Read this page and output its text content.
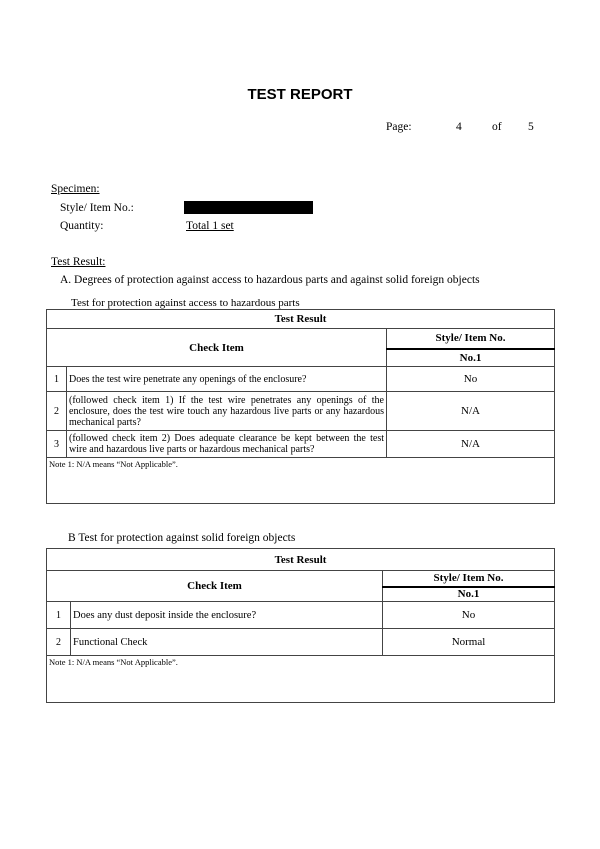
TEST REPORT
Page:	4	of 5
Specimen:
Style/ Item No.:
Quantity:	Total 1 set
Test Result:
A. Degrees of protection against access to hazardous parts and against solid foreign objects
Test for protection against access to hazardous parts
Test Result		
Check Item		Style/ Item No.
		No.1
1	Does the test wire penetrate any openings of the enclosure?	No
2	(followed check item 1) If the test wire penetrates any openings of the enclosure, does the test wire touch any hazardous live parts or any hazardous mechanical parts?	N/A
3	(followed check item 2) Does adequate clearance be kept between the test wire and hazardous live parts or hazardous mechanical parts?	N/A
Note 1: N/A means “Not Applicable”.		
B Test for protection against solid foreign objects
Test Result		
Check Item		Style/ Item No.
		No.1
1	Does any dust deposit inside the enclosure?	No
2	Functional Check	Normal
Note 1: N/A means “Not Applicable”.		
